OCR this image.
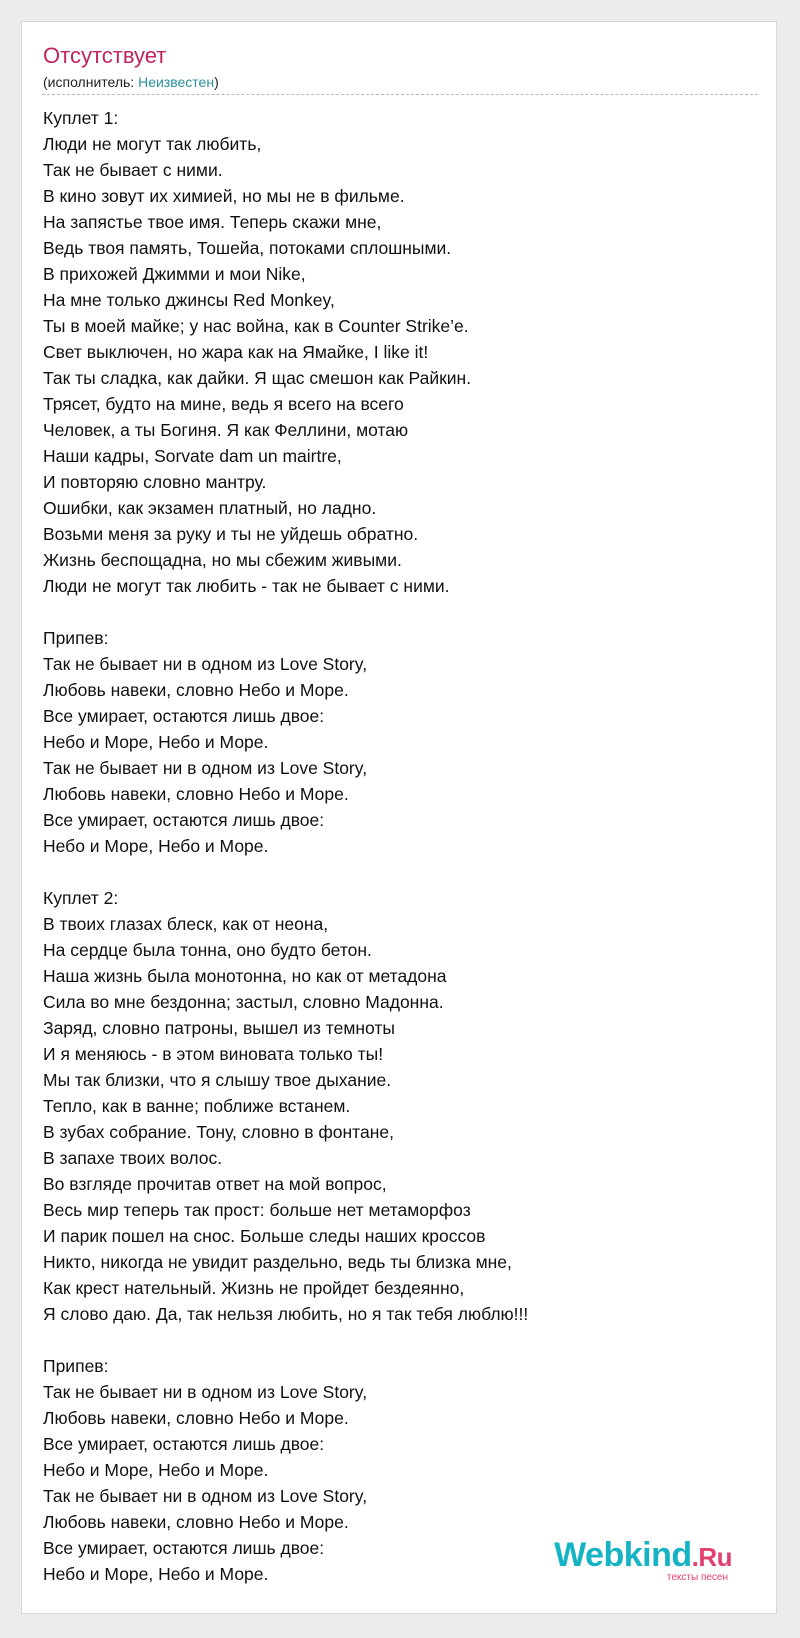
Отсутствует
(исполнитель: Неизвестен)
Куплет 1:
Люди не могут так любить,
Так не бывает с ними.
В кино зовут их химией, но мы не в фильме.
На запястье твое имя. Теперь скажи мне,
Ведь твоя память, Тошейа, потоками сплошными.
В прихожей Джимми и мои Nike,
На мне только джинсы Red Monkey,
Ты в моей майке; у нас война, как в Counter Strike’e.
Свет выключен, но жара как на Ямайке, I like it!
Так ты сладка, как дайки. Я щас смешон как Райкин.
Трясет, будто на мине, ведь я всего на всего
Человек, а ты Богиня. Я как Феллини, мотаю
Наши кадры, Sorvate dam un mairtre,
И повторяю словно мантру.
Ошибки, как экзамен платный, но ладно.
Возьми меня за руку и ты не уйдешь обратно.
Жизнь беспощадна, но мы сбежим живыми.
Люди не могут так любить - так не бывает с ними.
Припев:
Так не бывает ни в одном из Love Story,
Любовь навеки, словно Небо и Море.
Все умирает, остаются лишь двое:
Небо и Море, Небо и Море.
Так не бывает ни в одном из Love Story,
Любовь навеки, словно Небо и Море.
Все умирает, остаются лишь двое:
Небо и Море, Небо и Море.
Куплет 2:
В твоих глазах блеск, как от неона,
На сердце была тонна, оно будто бетон.
Наша жизнь была монотонна, но как от метадона
Сила во мне бездонна; застыл, словно Мадонна.
Заряд, словно патроны, вышел из темноты
И я меняюсь - в этом виновата только ты!
Мы так близки, что я слышу твое дыхание.
Тепло, как в ванне; поближе встанем.
В зубах собрание. Тону, словно в фонтане,
В запахе твоих волос.
Во взгляде прочитав ответ на мой вопрос,
Весь мир теперь так прост: больше нет метаморфоз
И парик пошел на снос. Больше следы наших кроссов
Никто, никогда не увидит раздельно, ведь ты близка мне,
Как крест нательный. Жизнь не пройдет бездеянно,
Я слово даю. Да, так нельзя любить, но я так тебя люблю!!!
Припев:
Так не бывает ни в одном из Love Story,
Любовь навеки, словно Небо и Море.
Все умирает, остаются лишь двое:
Небо и Море, Небо и Море.
Так не бывает ни в одном из Love Story,
Любовь навеки, словно Небо и Море.
Все умирает, остаются лишь двое:
Небо и Море, Небо и Море.	Webkind.Ru
тексты песен
